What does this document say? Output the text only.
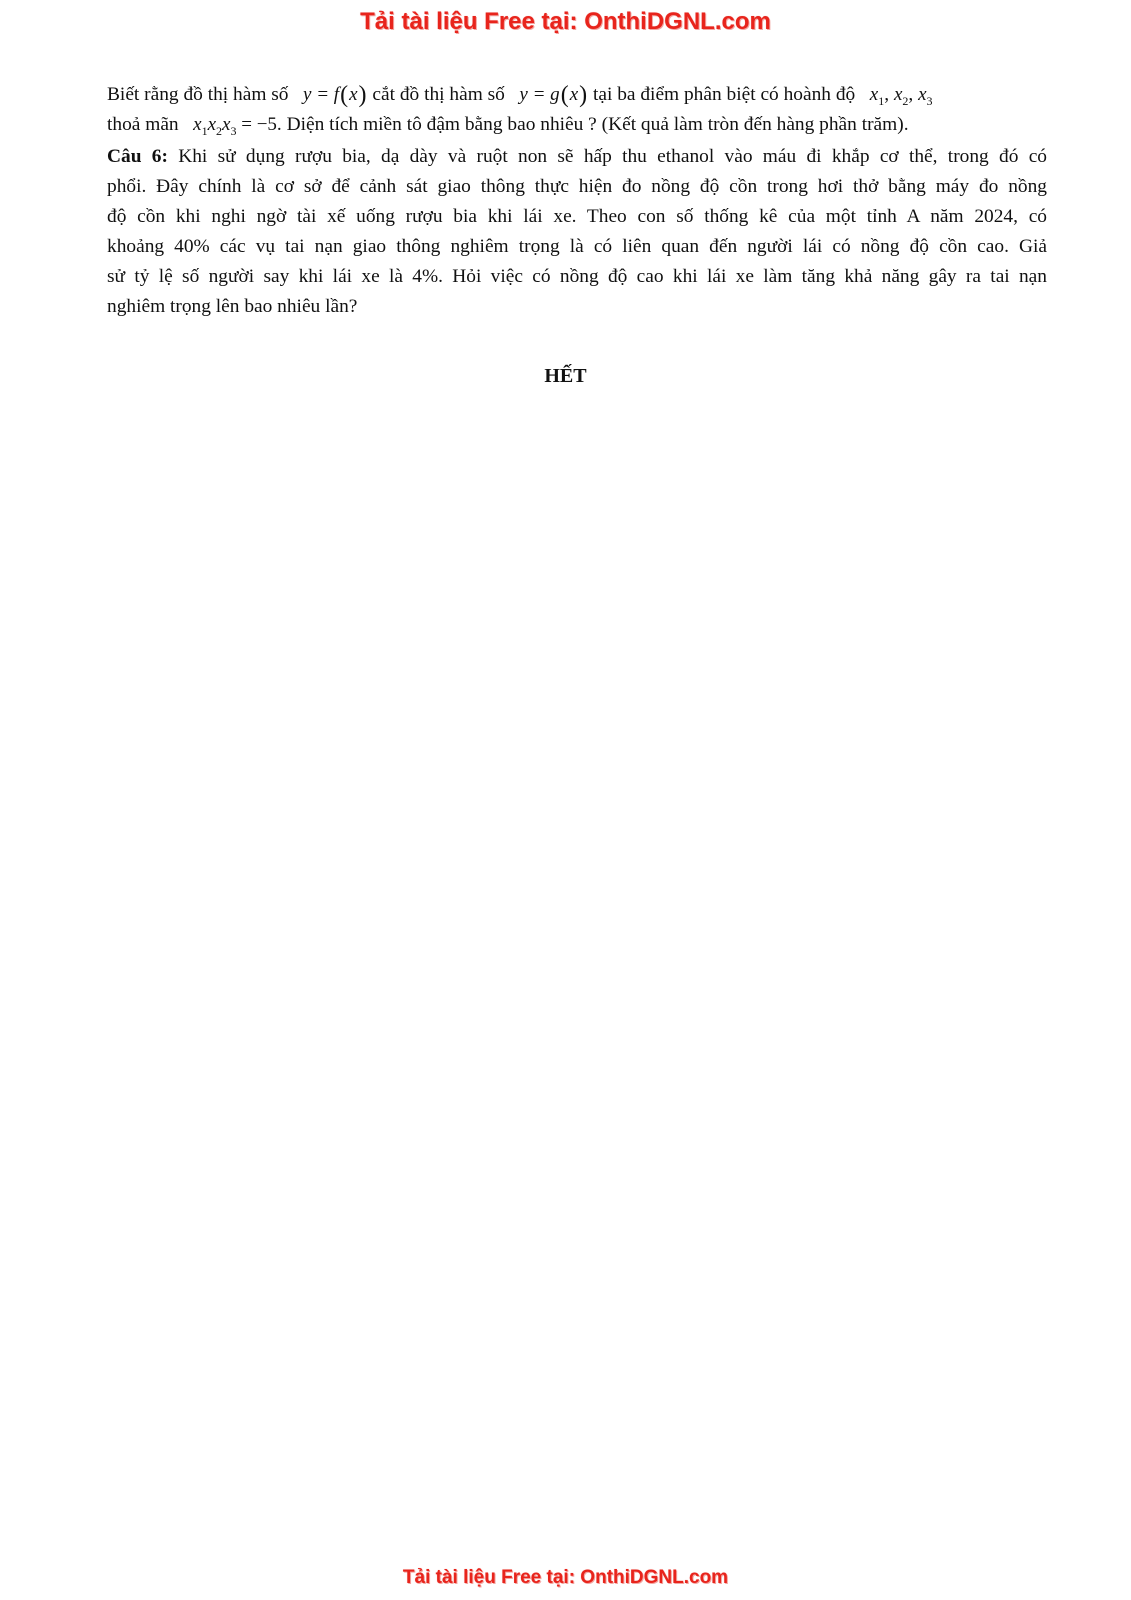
Tải tài liệu Free tại: OnthiDGNL.com
Biết rằng đồ thị hàm số y = f(x) cắt đồ thị hàm số y = g(x) tại ba điểm phân biệt có hoành độ $x_1$, $x_2$, $x_3$
thoả mãn $x_1x_2x_3 = -5$. Diện tích miền tô đậm bằng bao nhiêu ? (Kết quả làm tròn đến hàng phần trăm).
Câu 6: Khi sử dụng rượu bia, dạ dày và ruột non sẽ hấp thu ethanol vào máu đi khắp cơ thể, trong đó có
phổi. Đây chính là cơ sở để cảnh sát giao thông thực hiện đo nồng độ cồn trong hơi thở bằng máy đo nồng
độ cồn khi nghi ngờ tài xế uống rượu bia khi lái xe. Theo con số thống kê của một tỉnh A năm 2024, có
khoảng 40% các vụ tai nạn giao thông nghiêm trọng là có liên quan đến người lái có nồng độ cồn cao. Giả
sử tỷ lệ số người say khi lái xe là 4%. Hỏi việc có nồng độ cao khi lái xe làm tăng khả năng gây ra tai nạn
nghiêm trọng lên bao nhiêu lần?
HẾT
Tải tài liệu Free tại: OnthiDGNL.com
